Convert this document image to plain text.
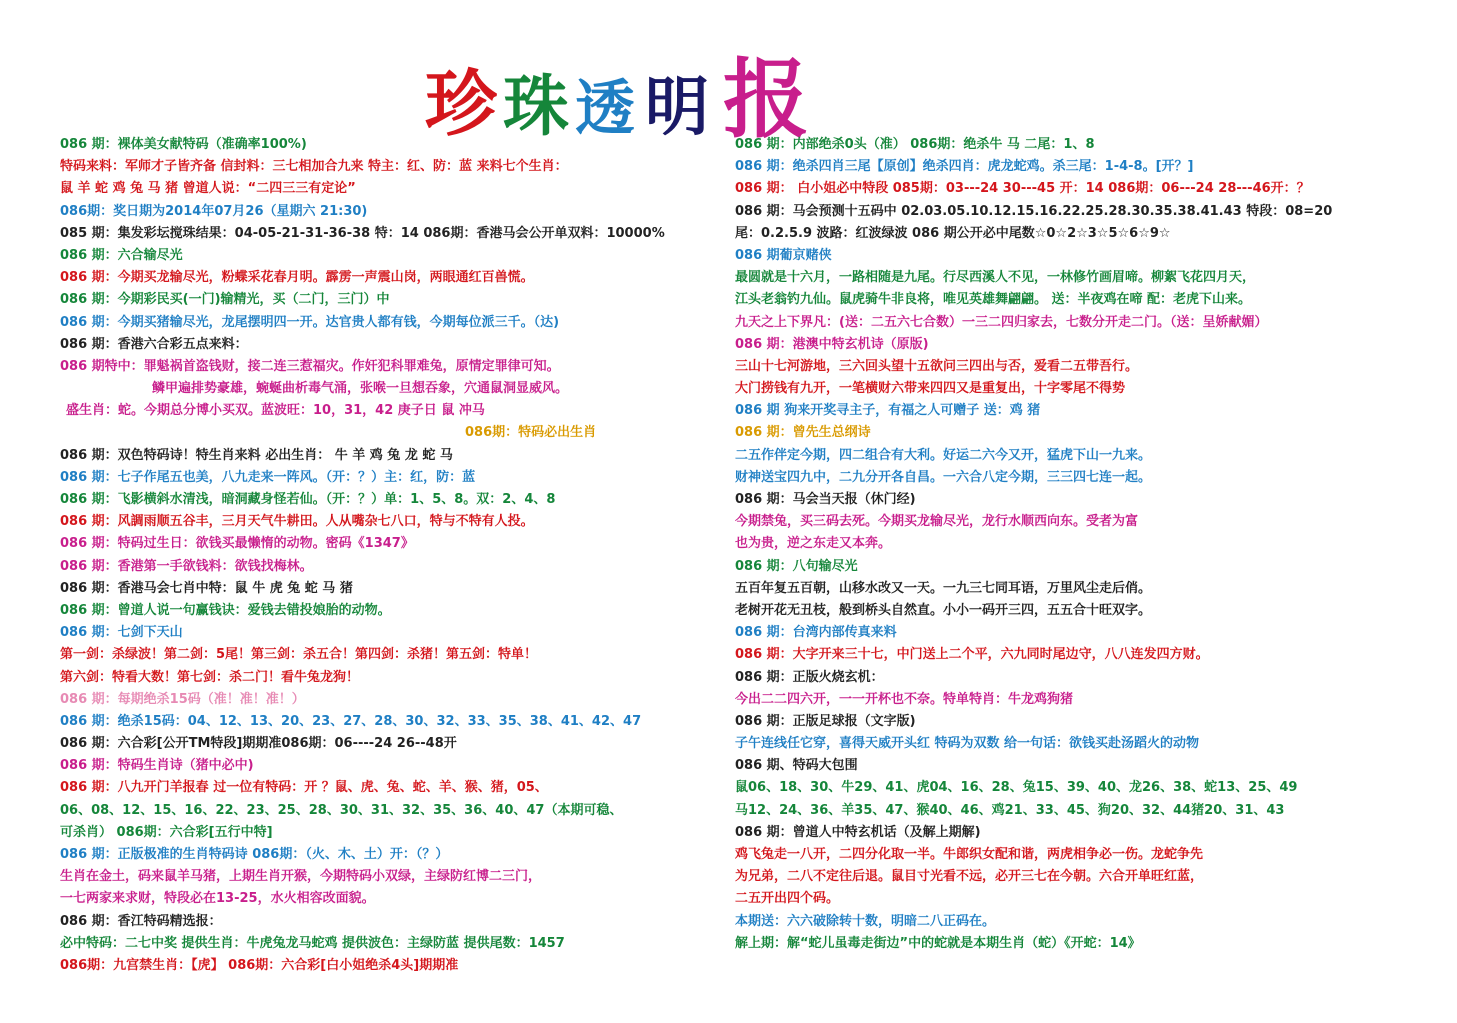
珍珠 透 明 报
086 期：裸体美女献特码（准确率100%)
特码来料：军师才子皆齐备 信封料：三七相加合九来 特主：红、防：蓝 来料七个生肖：
鼠 羊 蛇 鸡 兔 马 猪 曾道人说：“二四三三有定论”
086期：奖日期为2014年07月26（星期六 21:30)
085 期：集发彩坛搅珠结果：04-05-21-31-36-38 特：14 086期：香港马会公开单双料：10000%
086 期：六合输尽光
086 期：今期买龙输尽光，粉蝶采花春月明。霹雳一声震山岗，两眼通红百兽慌。
086 期：今期彩民买(一门)输精光，买（二门，三门）中
086 期：今期买猪输尽光，龙尾摆明四一开。达官贵人都有钱，今期每位派三千。（达)
086 期：香港六合彩五点来料：
086 期特中：罪魁祸首盗钱财，接二连三惹福灾。作奸犯科罪难兔，原情定罪律可知。
鳞甲遍排势豪雄，蜿蜒曲析毒气涌，张喉一旦想吞象，穴通鼠洞显威风。
盛生肖：蛇。今期总分博小买双。蓝波旺：10，31，42 庚子日 鼠 冲马
086期：特码必出生肖
086 期：双色特码诗！特生肖来料 必出生肖： 牛 羊 鸡 兔 龙 蛇 马
086 期：七子作尾五也美，八九走来一阵风。（开：？）主：红，防：蓝
086 期：飞影横斜水清浅，暗洞藏身怪若仙。（开：？）单：1、5、8。双：2、4、8
086 期：风調雨顺五谷丰，三月天气牛耕田。人从嘴杂七八口，特与不特有人投。
086 期：特码过生日：欲钱买最懒惰的动物。密码《1347》
086 期：香港第一手欲钱料：欲钱找梅林。
086 期：香港马会七肖中特：鼠 牛 虎 兔 蛇 马 猪
086 期：曾道人说一句赢钱诀：爱钱去错投娘胎的动物。
086 期：七剑下天山
第一剑：杀绿波！第二剑：5尾！第三剑：杀五合！第四剑：杀猪！第五剑：特单！
第六剑：特看大数！第七剑：杀二门！看牛兔龙狗！
086 期：每期绝杀15码（准！准！准！）
086 期：绝杀15码：04、12、13、20、23、27、28、30、32、33、35、38、41、42、47
086 期：六合彩[公开TM特段]期期准086期：06----24 26--48开
086 期：特码生肖诗（猪中必中)
086 期：八九开门羊报春 过一位有特码：开 ？鼠、虎、兔、蛇、羊、猴、猪，05、
06、08、12、15、16、22、23、25、28、30、31、32、35、36、40、47（本期可稳、
可杀肖） 086期：六合彩[五行中特]
086 期：正版极准的生肖特码诗 086期：（火、木、土）开：（？）
生肖在金土，码来鼠羊马猪，上期生肖开猴，今期特码小双绿，主绿防红博二三门，
一七两家来求财，特段必在13-25，水火相容改面貌。
086 期：香江特码精选报：
必中特码：二七中奖 提供生肖：牛虎兔龙马蛇鸡 提供波色：主绿防蓝 提供尾数：1457
086期：九宫禁生肖：【虎】 086期：六合彩[白小姐绝杀4头]期期准
086 期：内部绝杀0头（准） 086期：绝杀牛 马 二尾：1、8
086 期：绝杀四肖三尾【原创】绝杀四肖：虎龙蛇鸡。杀三尾：1-4-8。[开？]
086 期： 白小姐必中特段 085期：03---24 30---45 开：14 086期：06---24 28---46开：？
086 期：马会预测十五码中 02.03.05.10.12.15.16.22.25.28.30.35.38.41.43 特段：08=20
尾：0.2.5.9 波路：红波绿波 086 期公开必中尾数☆0☆2☆3☆5☆6☆9☆
086 期葡京赌侠
最圆就是十六月，一路相随是九尾。行尽西溪人不见，一林修竹画眉啼。柳絮飞花四月天，
江头老翁钓九仙。鼠虎骑牛非良将，唯见英雄舞翩翩。 送：半夜鸡在啼 配：老虎下山来。
九天之上下界凡：(送：二五六七合数）一三二四归家去，七数分开走二门。（送：呈娇献媚）
086 期：港澳中特玄机诗（原版)
三山十七河游地，三六回头望十五欲问三四出与否，爱看二五带吾行。
大门捞钱有九开，一笔横财六带来四四又是重复出，十字零尾不得势
086 期 狗来开奖寻主子，有福之人可赠子 送：鸡 猪
086 期：曾先生总纲诗
二五作伴定今期，四二组合有大利。好运二六今又开，猛虎下山一九来。
财神送宝四九中，二九分开各自昌。一六合八定今期，三三四七连一起。
086 期：马会当天报（休门经)
今期禁兔，买三码去死。今期买龙输尽光，龙行水顺西向东。受者为富
也为贵，逆之东走又本奔。
086 期：八句输尽光
五百年复五百朝，山移水改又一天。一九三七同耳语，万里风尘走后俏。
老树开花无丑枝，般到桥头自然直。小小一码开三四，五五合十旺双字。
086 期：台湾内部传真来料
086 期：大字开来三十七，中门送上二个平，六九同时尾边守，八八连发四方财。
086 期：正版火烧玄机：
今出二二四六开，一一开杯也不奈。特单特肖：牛龙鸡狗猪
086 期：正版足球报（文字版)
子午连线任它穿，喜得天威开头红 特码为双数 给一句话：欲钱买赴汤蹈火的动物
086 期、特码大包围
鼠06、18、30、牛29、41、虎04、16、28、兔15、39、40、龙26、38、蛇13、25、49
马12、24、36、羊35、47、猴40、46、鸡21、33、45、狗20、32、44猪20、31、43
086 期：曾道人中特玄机话（及解上期解)
鸡飞兔走一八开，二四分化取一半。牛郎织女配和谐，两虎相争必一伤。龙蛇争先
为兄弟，二八不定往后退。鼠目寸光看不远，必开三七在今朝。六合开单旺红蓝，
二五开出四个码。
本期送：六六破除转十数，明暗二八正码在。
解上期：解“蛇儿虽毒走街边”中的蛇就是本期生肖（蛇）《开蛇：14》
